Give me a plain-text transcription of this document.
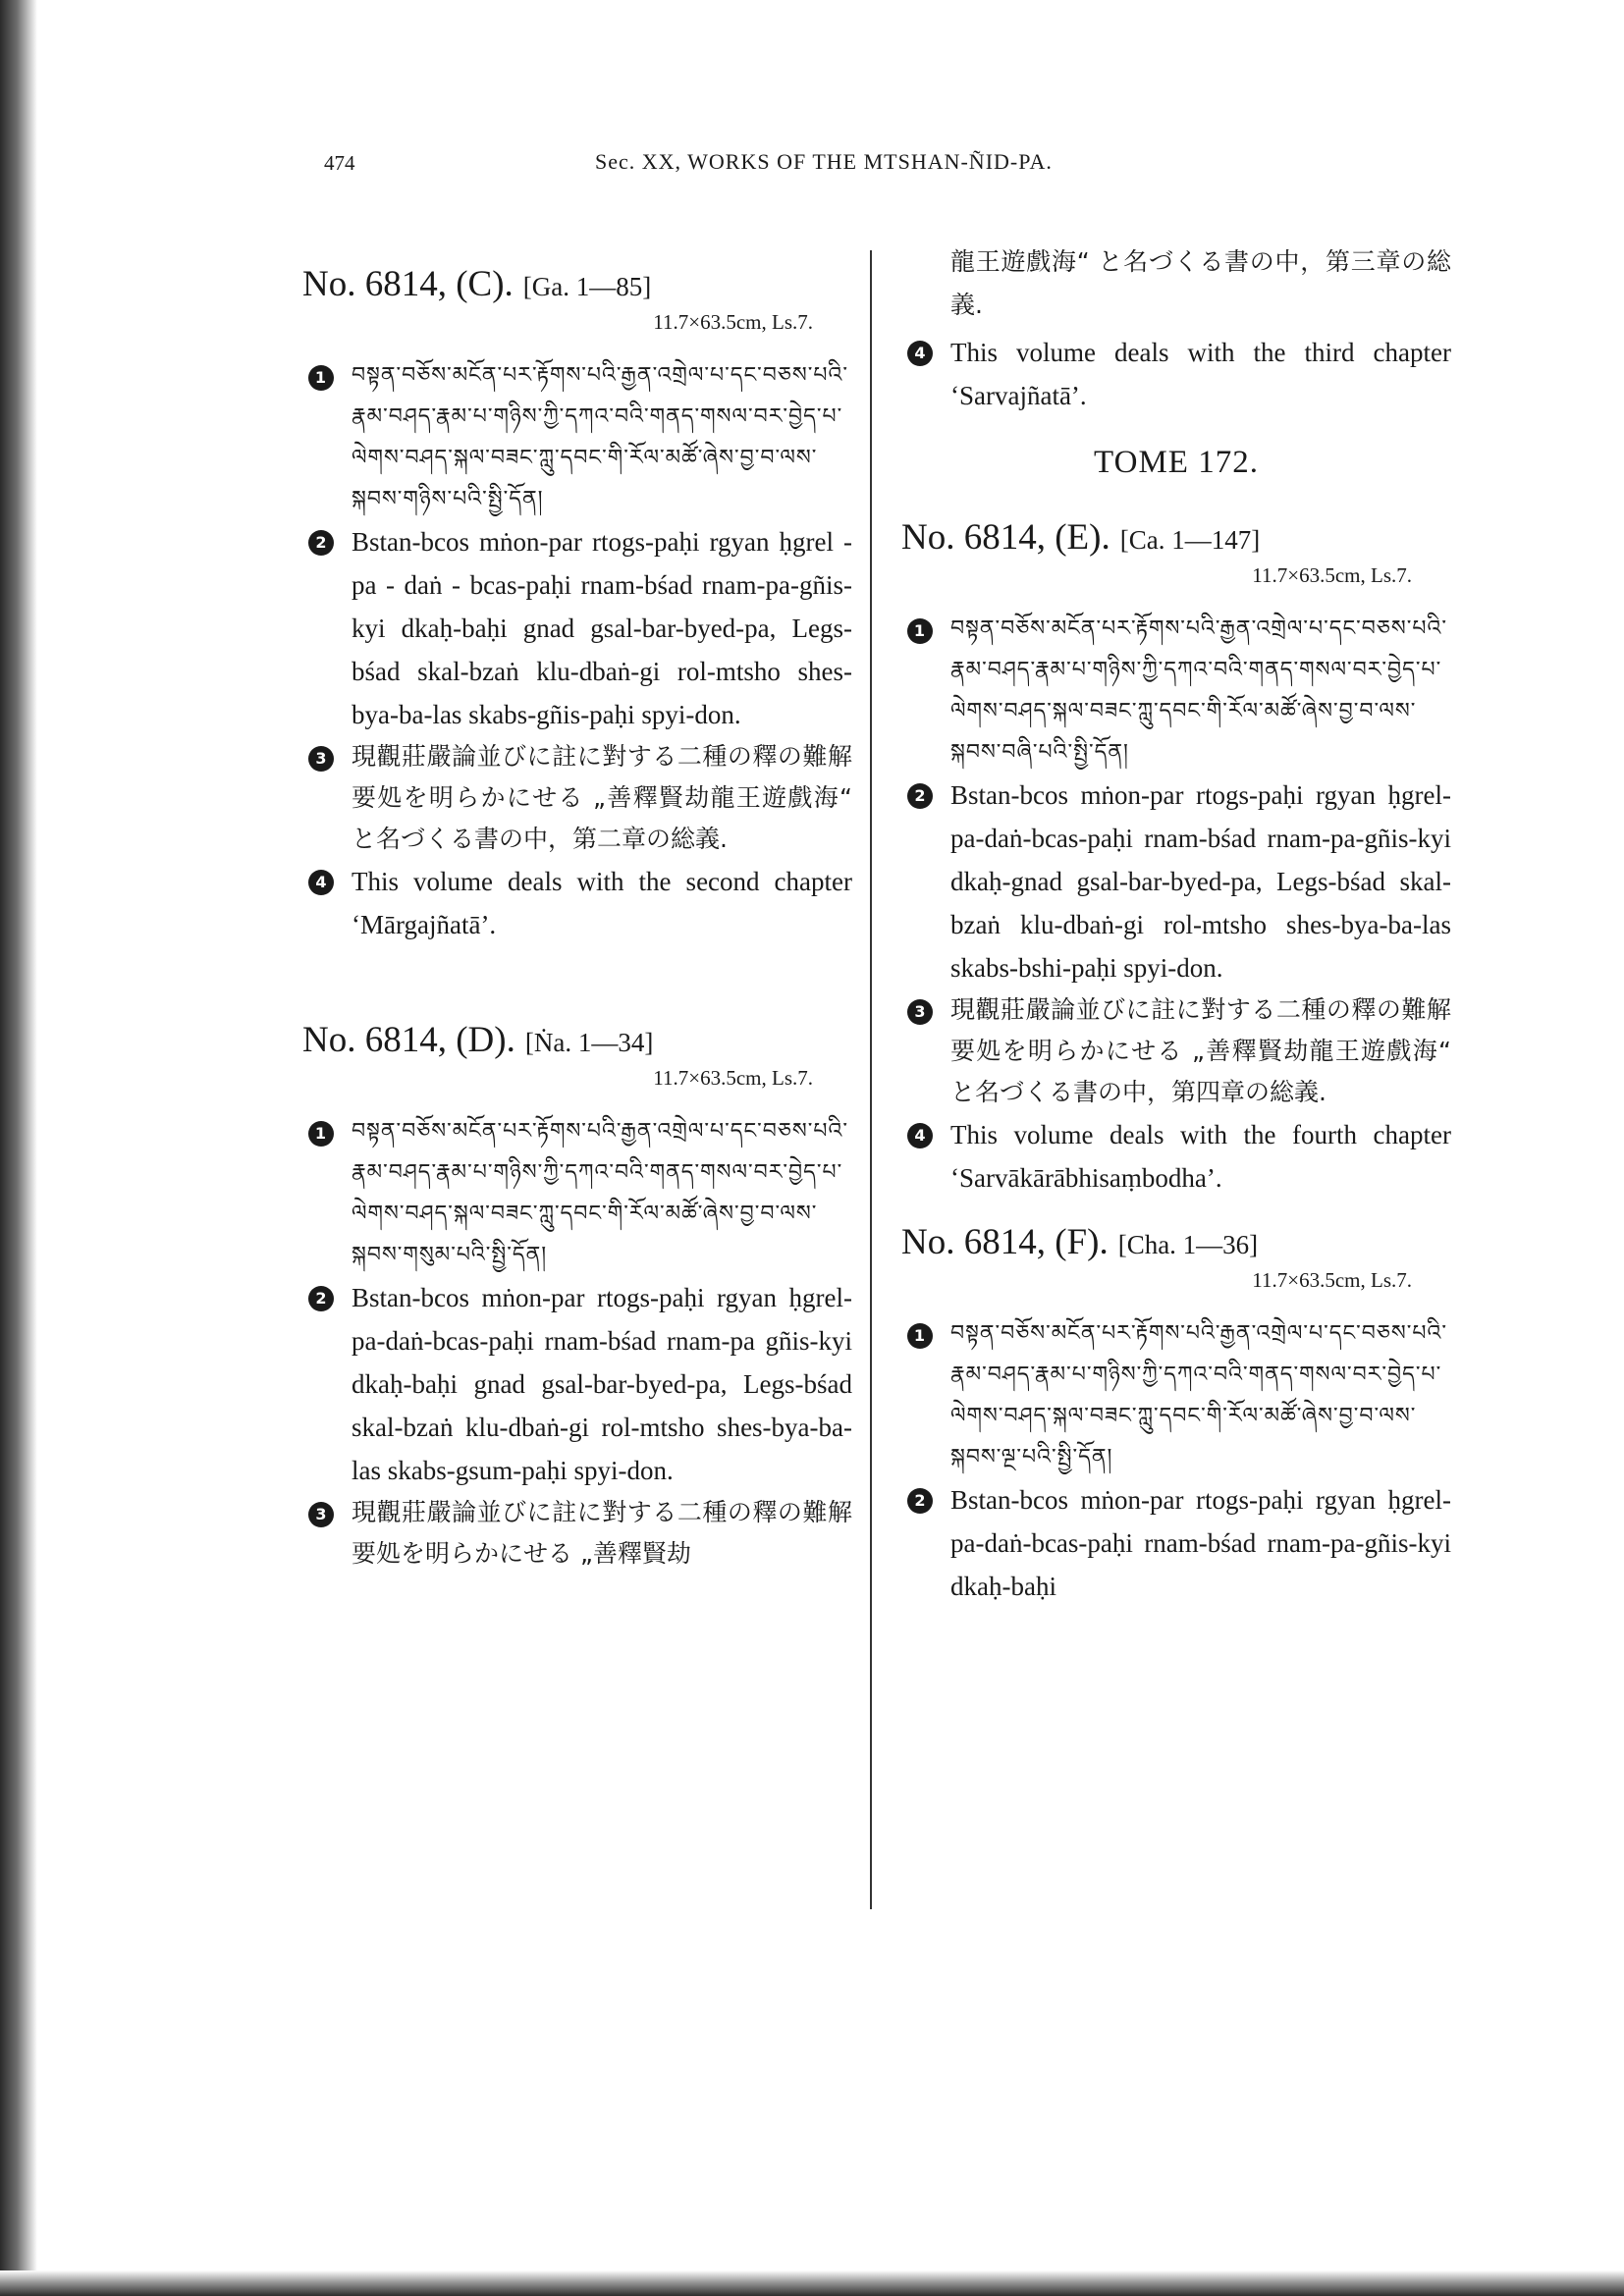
474	Sec. XX, WORKS OF THE MTSHAN-ÑID-PA.
No. 6814, (C). [Ga. 1—85]
11.7×63.5cm, Ls.7.
1	བསྟན་བཅོས་མངོན་པར་རྟོགས་པའི་རྒྱན་འགྲེལ་པ་དང་བཅས་པའི་རྣམ་བཤད་རྣམ་པ་གཉིས་ཀྱི་དཀའ་བའི་གནད་གསལ་བར་བྱེད་པ་ལེགས་བཤད་སྐལ་བཟང་ཀླུ་དབང་གི་རོལ་མཚོ་ཞེས་བྱ་བ་ལས་སྐབས་གཉིས་པའི་སྤྱི་དོན།
2 Bstan-bcos mṅon-par rtogs-paḥi rgyan ḥgrel - pa - daṅ - bcas-paḥi rnam-bśad rnam-pa-gñis-kyi dkaḥ-baḥi gnad gsal-bar-byed-pa, Legs-bśad skal-bzaṅ klu-dbaṅ-gi rol-mtsho shes-bya-ba-las skabs-gñis-paḥi spyi-don.
3 現觀莊嚴論並びに註に對する二種の釋の難解要処を明らかにせる „善釋賢劫龍王遊戲海“ と名づくる書の中，第二章の総義.
4 This volume deals with the second chapter ‘Mārgajñatā’.
No. 6814, (D). [Ṅa. 1—34]
11.7×63.5cm, Ls.7.
1	བསྟན་བཅོས་མངོན་པར་རྟོགས་པའི་རྒྱན་འགྲེལ་པ་དང་བཅས་པའི་རྣམ་བཤད་རྣམ་པ་གཉིས་ཀྱི་དཀའ་བའི་གནད་གསལ་བར་བྱེད་པ་ལེགས་བཤད་སྐལ་བཟང་ཀླུ་དབང་གི་རོལ་མཚོ་ཞེས་བྱ་བ་ལས་སྐབས་གསུམ་པའི་སྤྱི་དོན།
2 Bstan-bcos mṅon-par rtogs-paḥi rgyan ḥgrel-pa-daṅ-bcas-paḥi rnam-bśad rnam-pa gñis-kyi dkaḥ-baḥi gnad gsal-bar-byed-pa, Legs-bśad skal-bzaṅ klu-dbaṅ-gi rol-mtsho shes-bya-ba-las skabs-gsum-paḥi spyi-don.
3 現觀莊嚴論並びに註に對する二種の釋の難解要処を明らかにせる „善釋賢劫
龍王遊戲海“ と名づくる書の中，第三章の総義.
4 This volume deals with the third chapter ‘Sarvajñatā’.
TOME 172.
No. 6814, (E). [Ca. 1—147]
11.7×63.5cm, Ls.7.
1	བསྟན་བཅོས་མངོན་པར་རྟོགས་པའི་རྒྱན་འགྲེལ་པ་དང་བཅས་པའི་རྣམ་བཤད་རྣམ་པ་གཉིས་ཀྱི་དཀའ་བའི་གནད་གསལ་བར་བྱེད་པ་ལེགས་བཤད་སྐལ་བཟང་ཀླུ་དབང་གི་རོལ་མཚོ་ཞེས་བྱ་བ་ལས་སྐབས་བཞི་པའི་སྤྱི་དོན།
2 Bstan-bcos mṅon-par rtogs-paḥi rgyan ḥgrel-pa-daṅ-bcas-paḥi rnam-bśad rnam-pa-gñis-kyi dkaḥ-gnad gsal-bar-byed-pa, Legs-bśad skal-bzaṅ klu-dbaṅ-gi rol-mtsho shes-bya-ba-las skabs-bshi-paḥi spyi-don.
3 現觀莊嚴論並びに註に對する二種の釋の難解要処を明らかにせる „善釋賢劫龍王遊戲海“ と名づくる書の中，第四章の総義.
4 This volume deals with the fourth chapter ‘Sarvākārābhisaṃbodha’.
No. 6814, (F). [Cha. 1—36]
11.7×63.5cm, Ls.7.
1	བསྟན་བཅོས་མངོན་པར་རྟོགས་པའི་རྒྱན་འགྲེལ་པ་དང་བཅས་པའི་རྣམ་བཤད་རྣམ་པ་གཉིས་ཀྱི་དཀའ་བའི་གནད་གསལ་བར་བྱེད་པ་ལེགས་བཤད་སྐལ་བཟང་ཀླུ་དབང་གི་རོལ་མཚོ་ཞེས་བྱ་བ་ལས་སྐབས་ལྔ་པའི་སྤྱི་དོན།
2 Bstan-bcos mṅon-par rtogs-paḥi rgyan ḥgrel-pa-daṅ-bcas-paḥi rnam-bśad rnam-pa-gñis-kyi dkaḥ-baḥi
